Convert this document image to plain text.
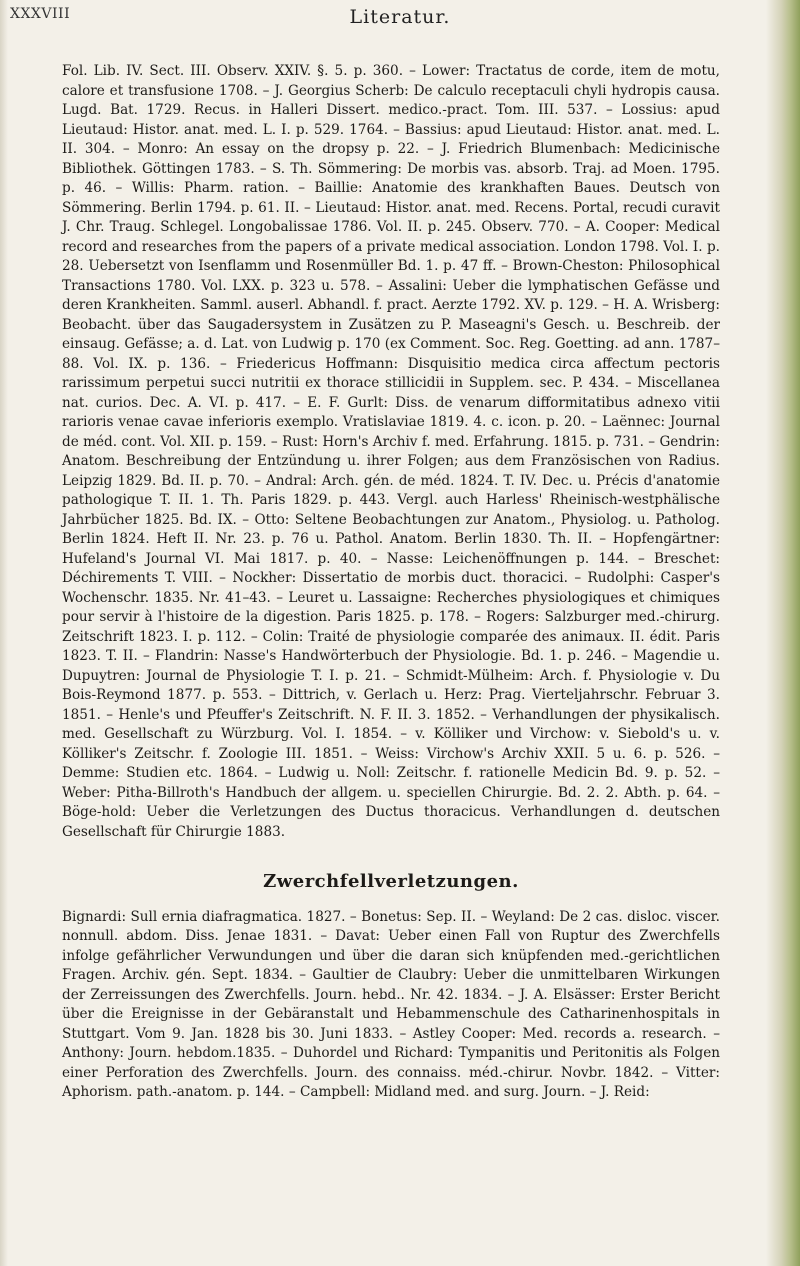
XXXVIII	Literatur.

Fol. Lib. IV. Sect. III. Observ. XXIV. §. 5. p. 360. – Lower: Tractatus de corde, item de motu, calore et transfusione 1708. – J. Georgius Scherb: De calculo receptaculi chyli hydropis causa. Lugd. Bat. 1729. Recus. in Halleri Dissert. medico.-pract. Tom. III. 537. – Lossius: apud Lieutaud: Histor. anat. med. L. I. p. 529. 1764. – Bassius: apud Lieutaud: Histor. anat. med. L. II. 304. – Monro: An essay on the dropsy p. 22. – J. Friedrich Blumenbach: Medicinische Bibliothek. Göttingen 1783. – S. Th. Sömmering: De morbis vas. absorb. Traj. ad Moen. 1795. p. 46. – Willis: Pharm. ration. – Baillie: Anatomie des krankhaften Baues. Deutsch von Sömmering. Berlin 1794. p. 61. II. – Lieutaud: Histor. anat. med. Recens. Portal, recudi curavit J. Chr. Traug. Schlegel. Longobalissae 1786. Vol. II. p. 245. Observ. 770. – A. Cooper: Medical record and researches from the papers of a private medical association. London 1798. Vol. I. p. 28. Uebersetzt von Isenflamm und Rosenmüller Bd. 1. p. 47 ff. – Brown-Cheston: Philosophical Transactions 1780. Vol. LXX. p. 323 u. 578. – Assalini: Ueber die lymphatischen Gefässe und deren Krankheiten. Samml. auserl. Abhandl. f. pract. Aerzte 1792. XV. p. 129. – H. A. Wrisberg: Beobacht. über das Saugadersystem in Zusätzen zu P. Maseagni's Gesch. u. Beschreib. der einsaug. Gefässe; a. d. Lat. von Ludwig p. 170 (ex Comment. Soc. Reg. Goetting. ad ann. 1787–88. Vol. IX. p. 136. – Friedericus Hoffmann: Disquisitio medica circa affectum pectoris rarissimum perpetui succi nutritii ex thorace stillicidii in Supplem. sec. P. 434. – Miscellanea nat. curios. Dec. A. VI. p. 417. – E. F. Gurlt: Diss. de venarum difformitatibus adnexo vitii rarioris venae cavae inferioris exemplo. Vratislaviae 1819. 4. c. icon. p. 20. – Laënnec: Journal de méd. cont. Vol. XII. p. 159. – Rust: Horn's Archiv f. med. Erfahrung. 1815. p. 731. – Gendrin: Anatom. Beschreibung der Entzündung u. ihrer Folgen; aus dem Französischen von Radius. Leipzig 1829. Bd. II. p. 70. – Andral: Arch. gén. de méd. 1824. T. IV. Dec. u. Précis d'anatomie pathologique T. II. 1. Th. Paris 1829. p. 443. Vergl. auch Harless' Rheinisch-westphälische Jahrbücher 1825. Bd. IX. – Otto: Seltene Beobachtungen zur Anatom., Physiolog. u. Patholog. Berlin 1824. Heft II. Nr. 23. p. 76 u. Pathol. Anatom. Berlin 1830. Th. II. – Hopfengärtner: Hufeland's Journal VI. Mai 1817. p. 40. – Nasse: Leichenöffnungen p. 144. – Breschet: Déchirements T. VIII. – Nockher: Dissertatio de morbis duct. thoracici. – Rudolphi: Casper's Wochenschr. 1835. Nr. 41–43. – Leuret u. Lassaigne: Recherches physiologiques et chimiques pour servir à l'histoire de la digestion. Paris 1825. p. 178. – Rogers: Salzburger med.-chirurg. Zeitschrift 1823. I. p. 112. – Colin: Traité de physiologie comparée des animaux. II. édit. Paris 1823. T. II. – Flandrin: Nasse's Handwörterbuch der Physiologie. Bd. 1. p. 246. – Magendie u. Dupuytren: Journal de Physiologie T. I. p. 21. – Schmidt-Mülheim: Arch. f. Physiologie v. Du Bois-Reymond 1877. p. 553. – Dittrich, v. Gerlach u. Herz: Prag. Vierteljahrschr. Februar 3. 1851. – Henle's und Pfeuffer's Zeitschrift. N. F. II. 3. 1852. – Verhandlungen der physikalisch. med. Gesellschaft zu Würzburg. Vol. I. 1854. – v. Kölliker und Virchow: v. Siebold's u. v. Kölliker's Zeitschr. f. Zoologie III. 1851. – Weiss: Virchow's Archiv XXII. 5 u. 6. p. 526. – Demme: Studien etc. 1864. – Ludwig u. Noll: Zeitschr. f. rationelle Medicin Bd. 9. p. 52. – Weber: Pitha-Billroth's Handbuch der allgem. u. speciellen Chirurgie. Bd. 2. 2. Abth. p. 64. – Böge-hold: Ueber die Verletzungen des Ductus thoracicus. Verhandlungen d. deutschen Gesellschaft für Chirurgie 1883.

Zwerchfellverletzungen.

Bignardi: Sull ernia diafragmatica. 1827. – Bonetus: Sep. II. – Weyland: De 2 cas. disloc. viscer. nonnull. abdom. Diss. Jenae 1831. – Davat: Ueber einen Fall von Ruptur des Zwerchfells infolge gefährlicher Verwundungen und über die daran sich knüpfenden med.-gerichtlichen Fragen. Archiv. gén. Sept. 1834. – Gaultier de Claubry: Ueber die unmittelbaren Wirkungen der Zerreissungen des Zwerchfells. Journ. hebd.. Nr. 42. 1834. – J. A. Elsässer: Erster Bericht über die Ereignisse in der Gebäranstalt und Hebammenschule des Catharinenhospitals in Stuttgart. Vom 9. Jan. 1828 bis 30. Juni 1833. – Astley Cooper: Med. records a. research. – Anthony: Journ. hebdom.1835. – Duhordel und Richard: Tympanitis und Peritonitis als Folgen einer Perforation des Zwerchfells. Journ. des connaiss. méd.-chirur. Novbr. 1842. – Vitter: Aphorism. path.-anatom. p. 144. – Campbell: Midland med. and surg. Journ. – J. Reid:
